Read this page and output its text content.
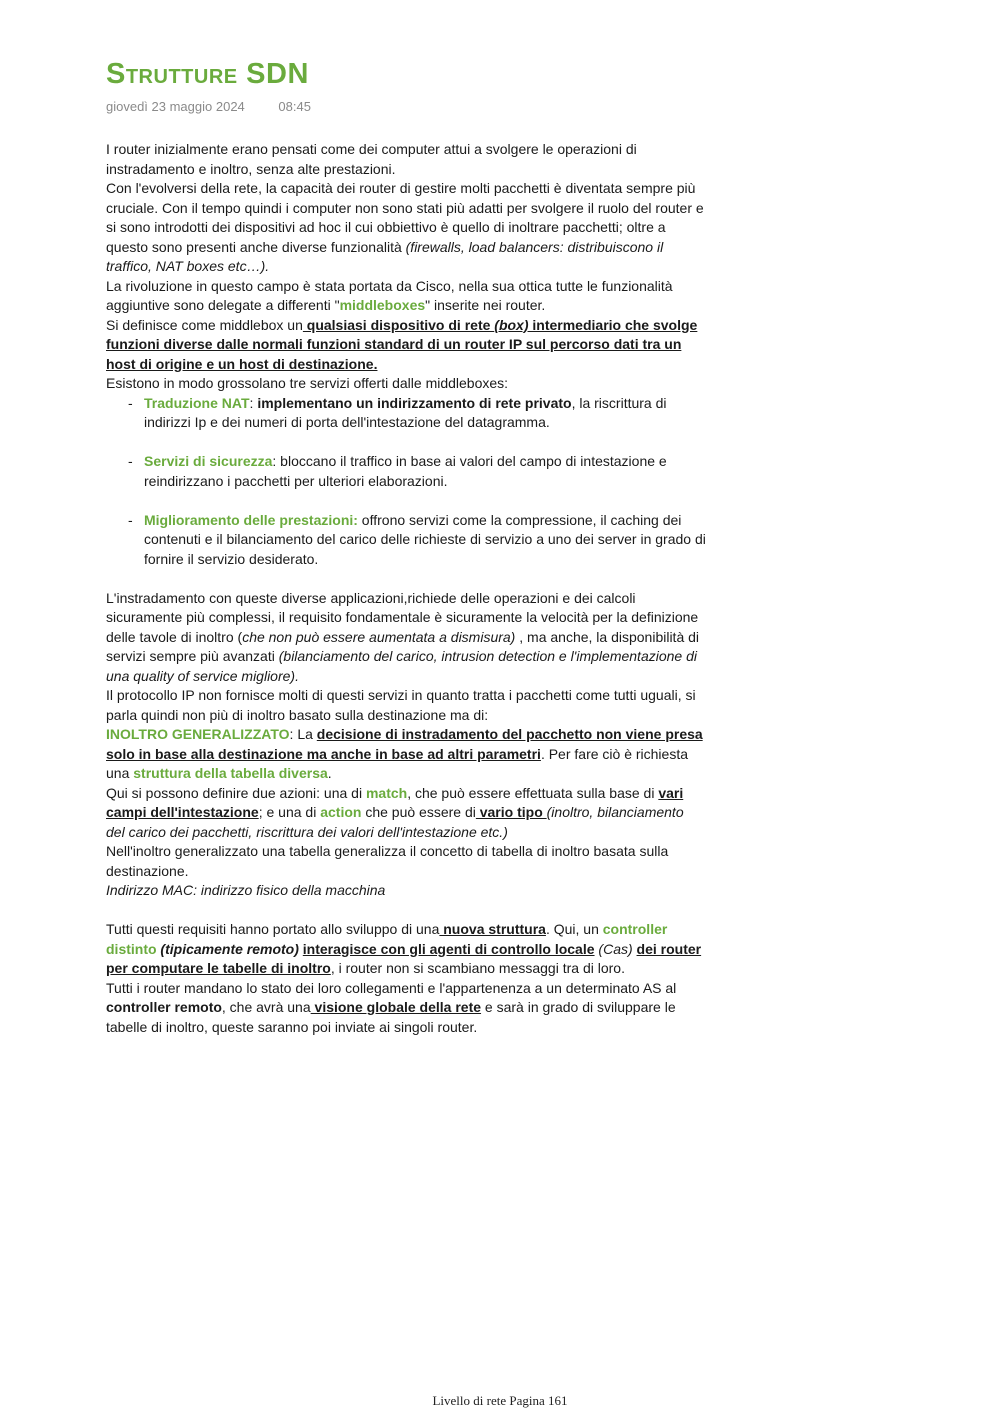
Strutture SDN
giovedì 23 maggio 2024	08:45

I router inizialmente erano pensati come dei computer attui a svolgere le operazioni di instradamento e inoltro, senza alte prestazioni.

Con l'evolversi della rete, la capacità dei router di gestire molti pacchetti è diventata sempre più cruciale. Con il tempo quindi i computer non sono stati più adatti per svolgere il ruolo del router e si sono introdotti dei dispositivi ad hoc il cui obbiettivo è quello di inoltrare pacchetti; oltre a questo sono presenti anche diverse funzionalità (firewalls, load balancers: distribuiscono il traffico, NAT boxes etc…).

La rivoluzione in questo campo è stata portata da Cisco, nella sua ottica tutte le funzionalità aggiuntive sono delegate a differenti "middleboxes" inserite nei router.

Si definisce come middlebox un qualsiasi dispositivo di rete (box) intermediario che svolge funzioni diverse dalle normali funzioni standard di un router IP sul percorso dati tra un host di origine e un host di destinazione.

Esistono in modo grossolano tre servizi offerti dalle middleboxes:

- Traduzione NAT: implementano un indirizzamento di rete privato, la riscrittura di indirizzi Ip e dei numeri di porta dell'intestazione del datagramma.
- Servizi di sicurezza: bloccano il traffico in base ai valori del campo di intestazione e reindirizzano i pacchetti per ulteriori elaborazioni.
- Miglioramento delle prestazioni: offrono servizi come la compressione, il caching dei contenuti e il bilanciamento del carico delle richieste di servizio a uno dei server in grado di fornire il servizio desiderato.

L'instradamento con queste diverse applicazioni,richiede delle operazioni e dei calcoli sicuramente più complessi, il requisito fondamentale è sicuramente la velocità per la definizione delle tavole di inoltro (che non può essere aumentata a dismisura) , ma anche, la disponibilità di servizi sempre più avanzati (bilanciamento del carico, intrusion detection e l'implementazione di una quality of service migliore).

Il protocollo IP non fornisce molti di questi servizi in quanto tratta i pacchetti come tutti uguali, si parla quindi non più di inoltro basato sulla destinazione ma di:

INOLTRO GENERALIZZATO: La decisione di instradamento del pacchetto non viene presa solo in base alla destinazione ma anche in base ad altri parametri. Per fare ciò è richiesta una struttura della tabella diversa.

Qui si possono definire due azioni: una di match, che può essere effettuata sulla base di vari campi dell'intestazione; e una di action che può essere di vario tipo (inoltro, bilanciamento del carico dei pacchetti, riscrittura dei valori dell'intestazione etc.)

Nell'inoltro generalizzato una tabella generalizza il concetto di tabella di inoltro basata sulla destinazione.

Indirizzo MAC: indirizzo fisico della macchina

Tutti questi requisiti hanno portato allo sviluppo di una nuova struttura. Qui, un controller distinto (tipicamente remoto) interagisce con gli agenti di controllo locale (Cas) dei router per computare le tabelle di inoltro, i router non si scambiano messaggi tra di loro.

Tutti i router mandano lo stato dei loro collegamenti e l'appartenenza a un determinato AS al controller remoto, che avrà una visione globale della rete e sarà in grado di sviluppare le tabelle di inoltro, queste saranno poi inviate ai singoli router.

Livello di rete Pagina 161
